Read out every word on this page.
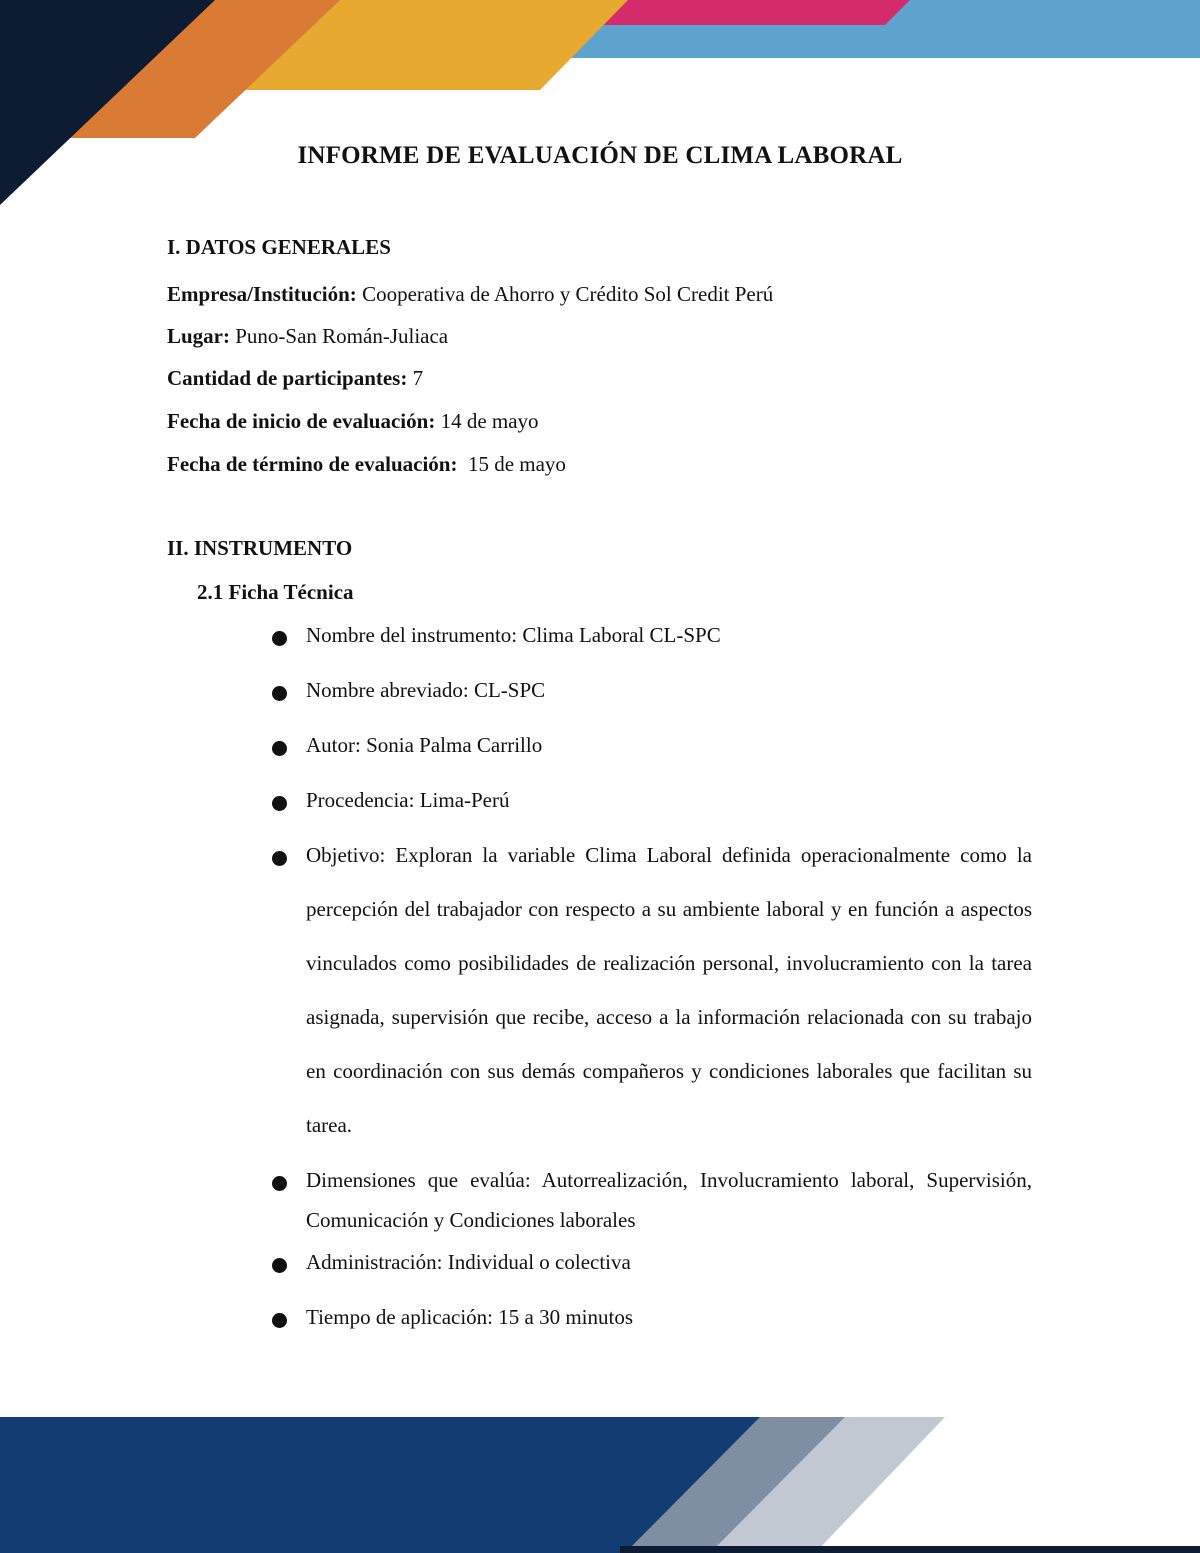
INFORME DE EVALUACIÓN DE CLIMA LABORAL
I. DATOS GENERALES
Empresa/Institución: Cooperativa de Ahorro y Crédito Sol Credit Perú
Lugar: Puno-San Román-Juliaca
Cantidad de participantes: 7
Fecha de inicio de evaluación: 14 de mayo
Fecha de término de evaluación:  15 de mayo
II. INSTRUMENTO
2.1 Ficha Técnica
Nombre del instrumento: Clima Laboral CL-SPC
Nombre abreviado: CL-SPC
Autor: Sonia Palma Carrillo
Procedencia: Lima-Perú
Objetivo: Exploran la variable Clima Laboral definida operacionalmente como la percepción del trabajador con respecto a su ambiente laboral y en función a aspectos vinculados como posibilidades de realización personal, involucramiento con la tarea asignada, supervisión que recibe, acceso a la información relacionada con su trabajo en coordinación con sus demás compañeros y condiciones laborales que facilitan su tarea.
Dimensiones que evalúa: Autorrealización, Involucramiento laboral, Supervisión, Comunicación y Condiciones laborales
Administración: Individual o colectiva
Tiempo de aplicación: 15 a 30 minutos
